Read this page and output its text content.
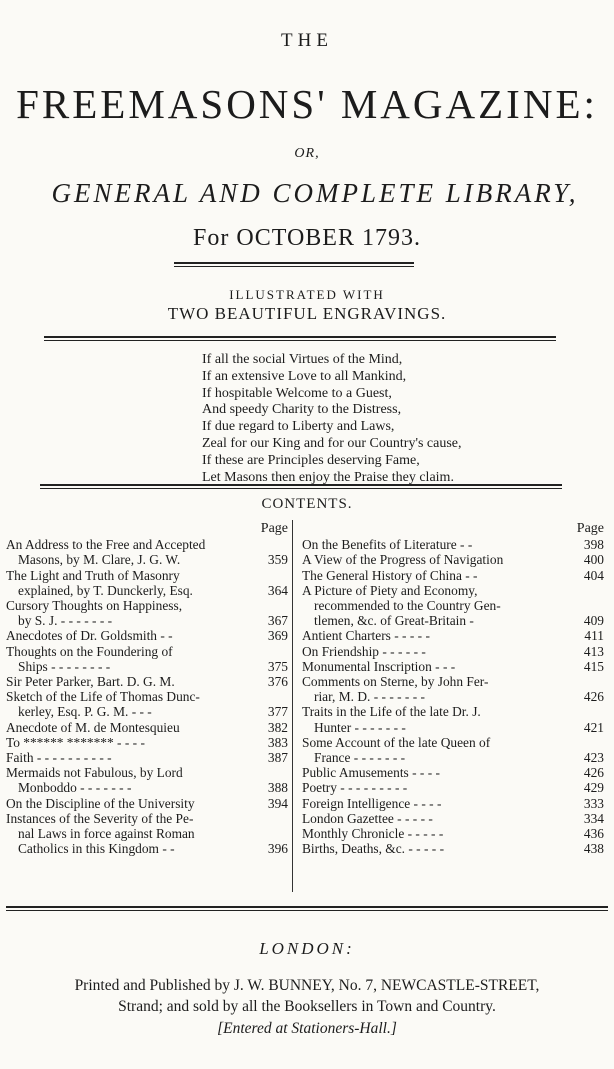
THE
FREEMASONS' MAGAZINE:
OR,
GENERAL AND COMPLETE LIBRARY,
For OCTOBER 1793.
ILLUSTRATED WITH
TWO BEAUTIFUL ENGRAVINGS.
If all the social Virtues of the Mind,
If an extensive Love to all Mankind,
If hospitable Welcome to a Guest,
And speedy Charity to the Distress,
If due regard to Liberty and Laws,
Zeal for our King and for our Country's cause,
If these are Principles deserving Fame,
Let Masons then enjoy the Praise they claim.
CONTENTS.
Page
An Address to the Free and Accepted
Masons, by M. Clare, J. G. W.	359
The Light and Truth of Masonry
explained, by T. Dunckerly, Esq.	364
Cursory Thoughts on Happiness,
by S. J. - - - - - - -	367
Anecdotes of Dr. Goldsmith - -	369
Thoughts on the Foundering of
Ships - - - - - - - -	375
Sir Peter Parker, Bart. D. G. M.	376
Sketch of the Life of Thomas Dunc-
kerley, Esq. P. G. M. - - -	377
Anecdote of M. de Montesquieu	382
To ****** ******* - - - -	383
Faith - - - - - - - - - -	387
Mermaids not Fabulous, by Lord
Monboddo - - - - - - -	388
On the Discipline of the University	394
Instances of the Severity of the Pe-
nal Laws in force against Roman
Catholics in this Kingdom - -	396
Page
On the Benefits of Literature - -	398
A View of the Progress of Navigation	400
The General History of China - -	404
A Picture of Piety and Economy,
recommended to the Country Gen-
tlemen, &c. of Great-Britain -	409
Antient Charters - - - - -	411
On Friendship - - - - - -	413
Monumental Inscription - - -	415
Comments on Sterne, by John Fer-
riar, M. D. - - - - - - -	426
Traits in the Life of the late Dr. J.
Hunter - - - - - - -	421
Some Account of the late Queen of
France - - - - - - -	423
Public Amusements - - - -	426
Poetry - - - - - - - - -	429
Foreign Intelligence - - - -	333
London Gazettee - - - - -	334
Monthly Chronicle - - - - -	436
Births, Deaths, &c. - - - - -	438
LONDON:
Printed and Published by J. W. BUNNEY, No. 7, NEWCASTLE-STREET,
Strand; and sold by all the Booksellers in Town and Country.
[Entered at Stationers-Hall.]
